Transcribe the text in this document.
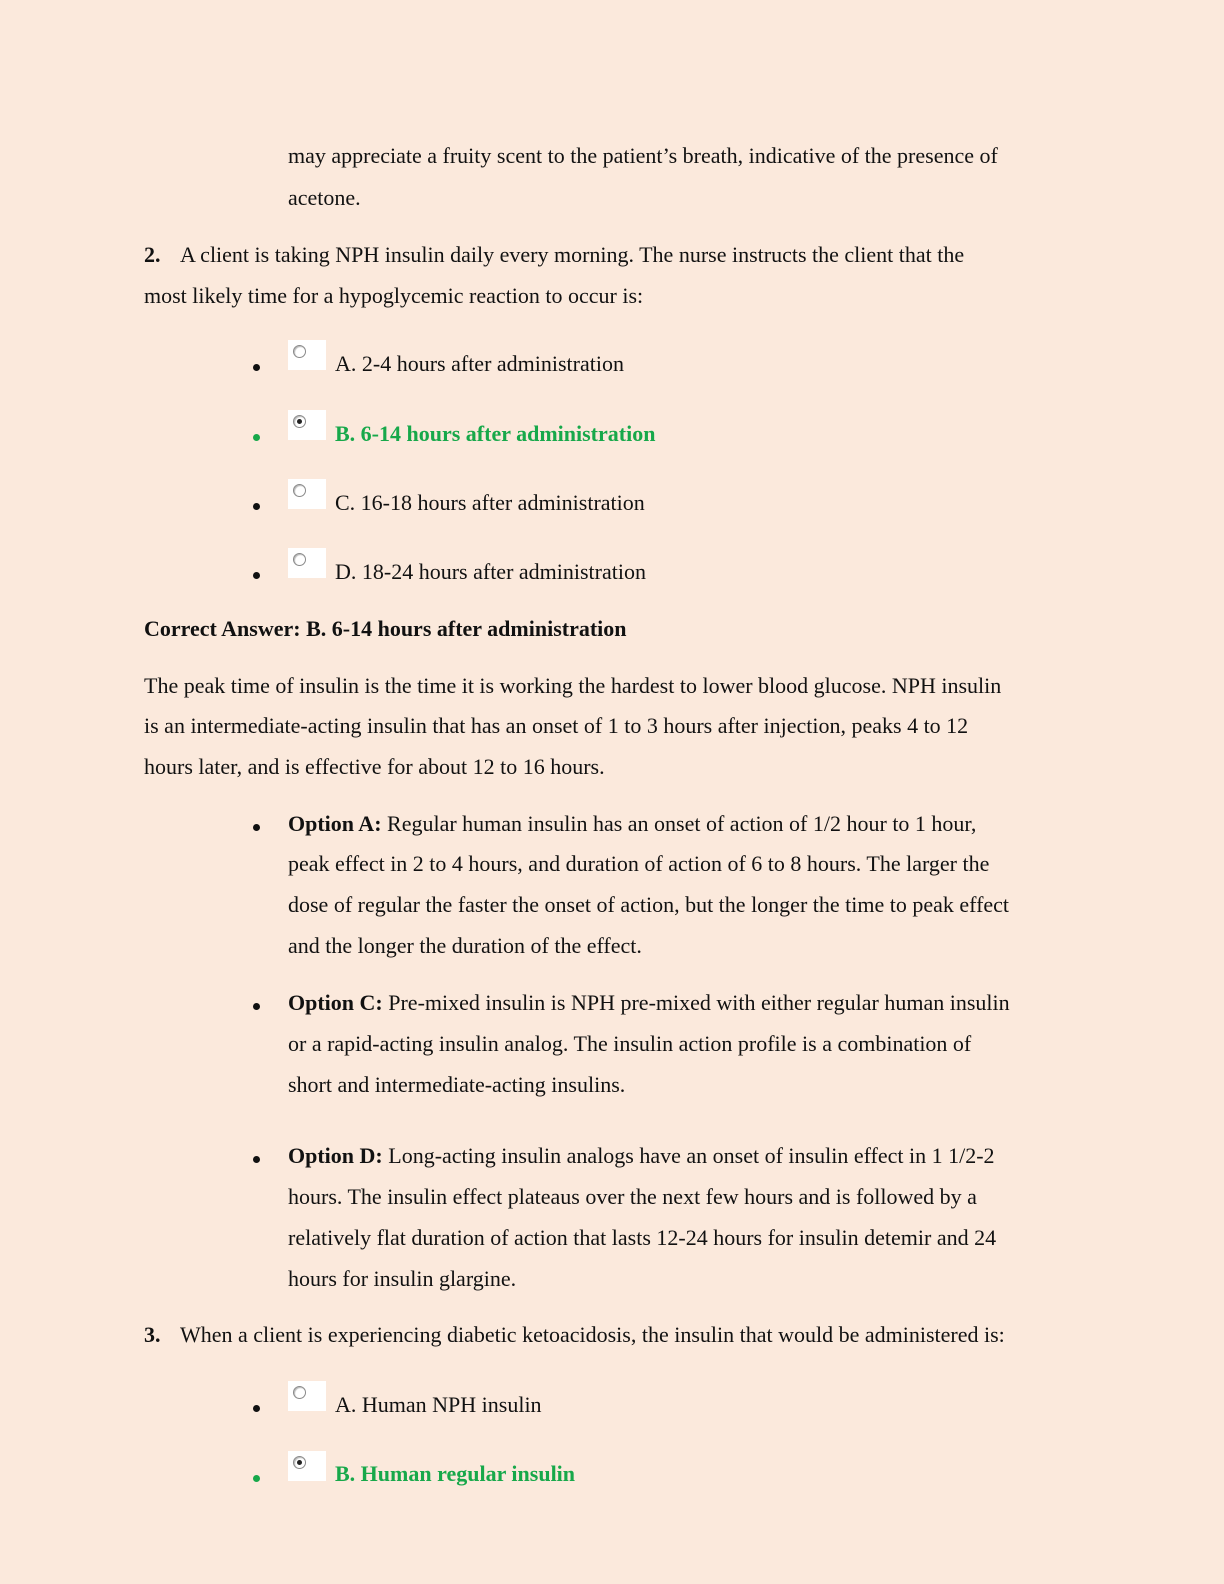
may appreciate a fruity scent to the patient’s breath, indicative of the presence of
acetone.
2. A client is taking NPH insulin daily every morning. The nurse instructs the client that the
most likely time for a hypoglycemic reaction to occur is:
A. 2-4 hours after administration
B. 6-14 hours after administration
C. 16-18 hours after administration
D. 18-24 hours after administration
Correct Answer: B. 6-14 hours after administration
The peak time of insulin is the time it is working the hardest to lower blood glucose. NPH insulin
is an intermediate-acting insulin that has an onset of 1 to 3 hours after injection, peaks 4 to 12
hours later, and is effective for about 12 to 16 hours.
Option A: Regular human insulin has an onset of action of 1/2 hour to 1 hour,
peak effect in 2 to 4 hours, and duration of action of 6 to 8 hours. The larger the
dose of regular the faster the onset of action, but the longer the time to peak effect
and the longer the duration of the effect.
Option C: Pre-mixed insulin is NPH pre-mixed with either regular human insulin
or a rapid-acting insulin analog. The insulin action profile is a combination of
short and intermediate-acting insulins.
Option D: Long-acting insulin analogs have an onset of insulin effect in 1 1/2-2
hours. The insulin effect plateaus over the next few hours and is followed by a
relatively flat duration of action that lasts 12-24 hours for insulin detemir and 24
hours for insulin glargine.
3. When a client is experiencing diabetic ketoacidosis, the insulin that would be administered is:
A. Human NPH insulin
B. Human regular insulin
